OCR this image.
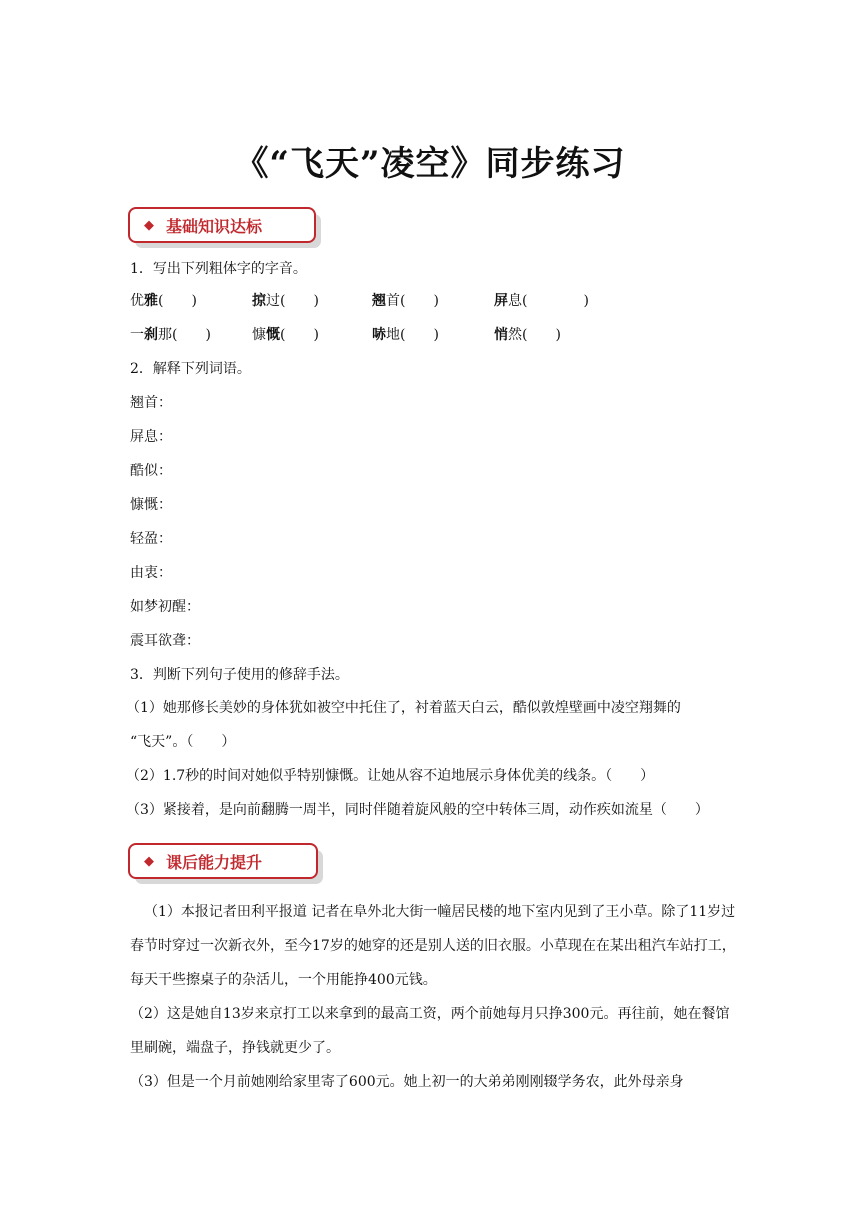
《“飞天”凌空》同步练习
◆ 基础知识达标
1．写出下列粗体字的字音。
优雅(　　)	掠过(　　)	翘首(　　)	屏息(　　　　)
一刹那(　　)	慷慨(　　)	哧地(　　)	悄然(　　)
2．解释下列词语。
翘首：
屏息：
酷似：
慷慨：
轻盈：
由衷：
如梦初醒：
震耳欲聋：
3．判断下列句子使用的修辞手法。
（1）她那修长美妙的身体犹如被空中托住了，衬着蓝天白云，酷似敦煌壁画中凌空翔舞的
“飞天”。（　　）
（2）1.7秒的时间对她似乎特别慷慨。让她从容不迫地展示身体优美的线条。（　　）
（3）紧接着，是向前翻腾一周半，同时伴随着旋风般的空中转体三周，动作疾如流星（　　）
◆ 课后能力提升
（1）本报记者田利平报道 记者在阜外北大街一幢居民楼的地下室内见到了王小草。除了11岁过春节时穿过一次新衣外，至今17岁的她穿的还是别人送的旧衣服。小草现在在某出租汽车站打工，每天干些擦桌子的杂活儿，一个用能挣400元钱。
（2）这是她自13岁来京打工以来拿到的最高工资，两个前她每月只挣300元。再往前，她在餐馆里刷碗，端盘子，挣钱就更少了。
（3）但是一个月前她刚给家里寄了600元。她上初一的大弟弟刚刚辍学务农，此外母亲身
